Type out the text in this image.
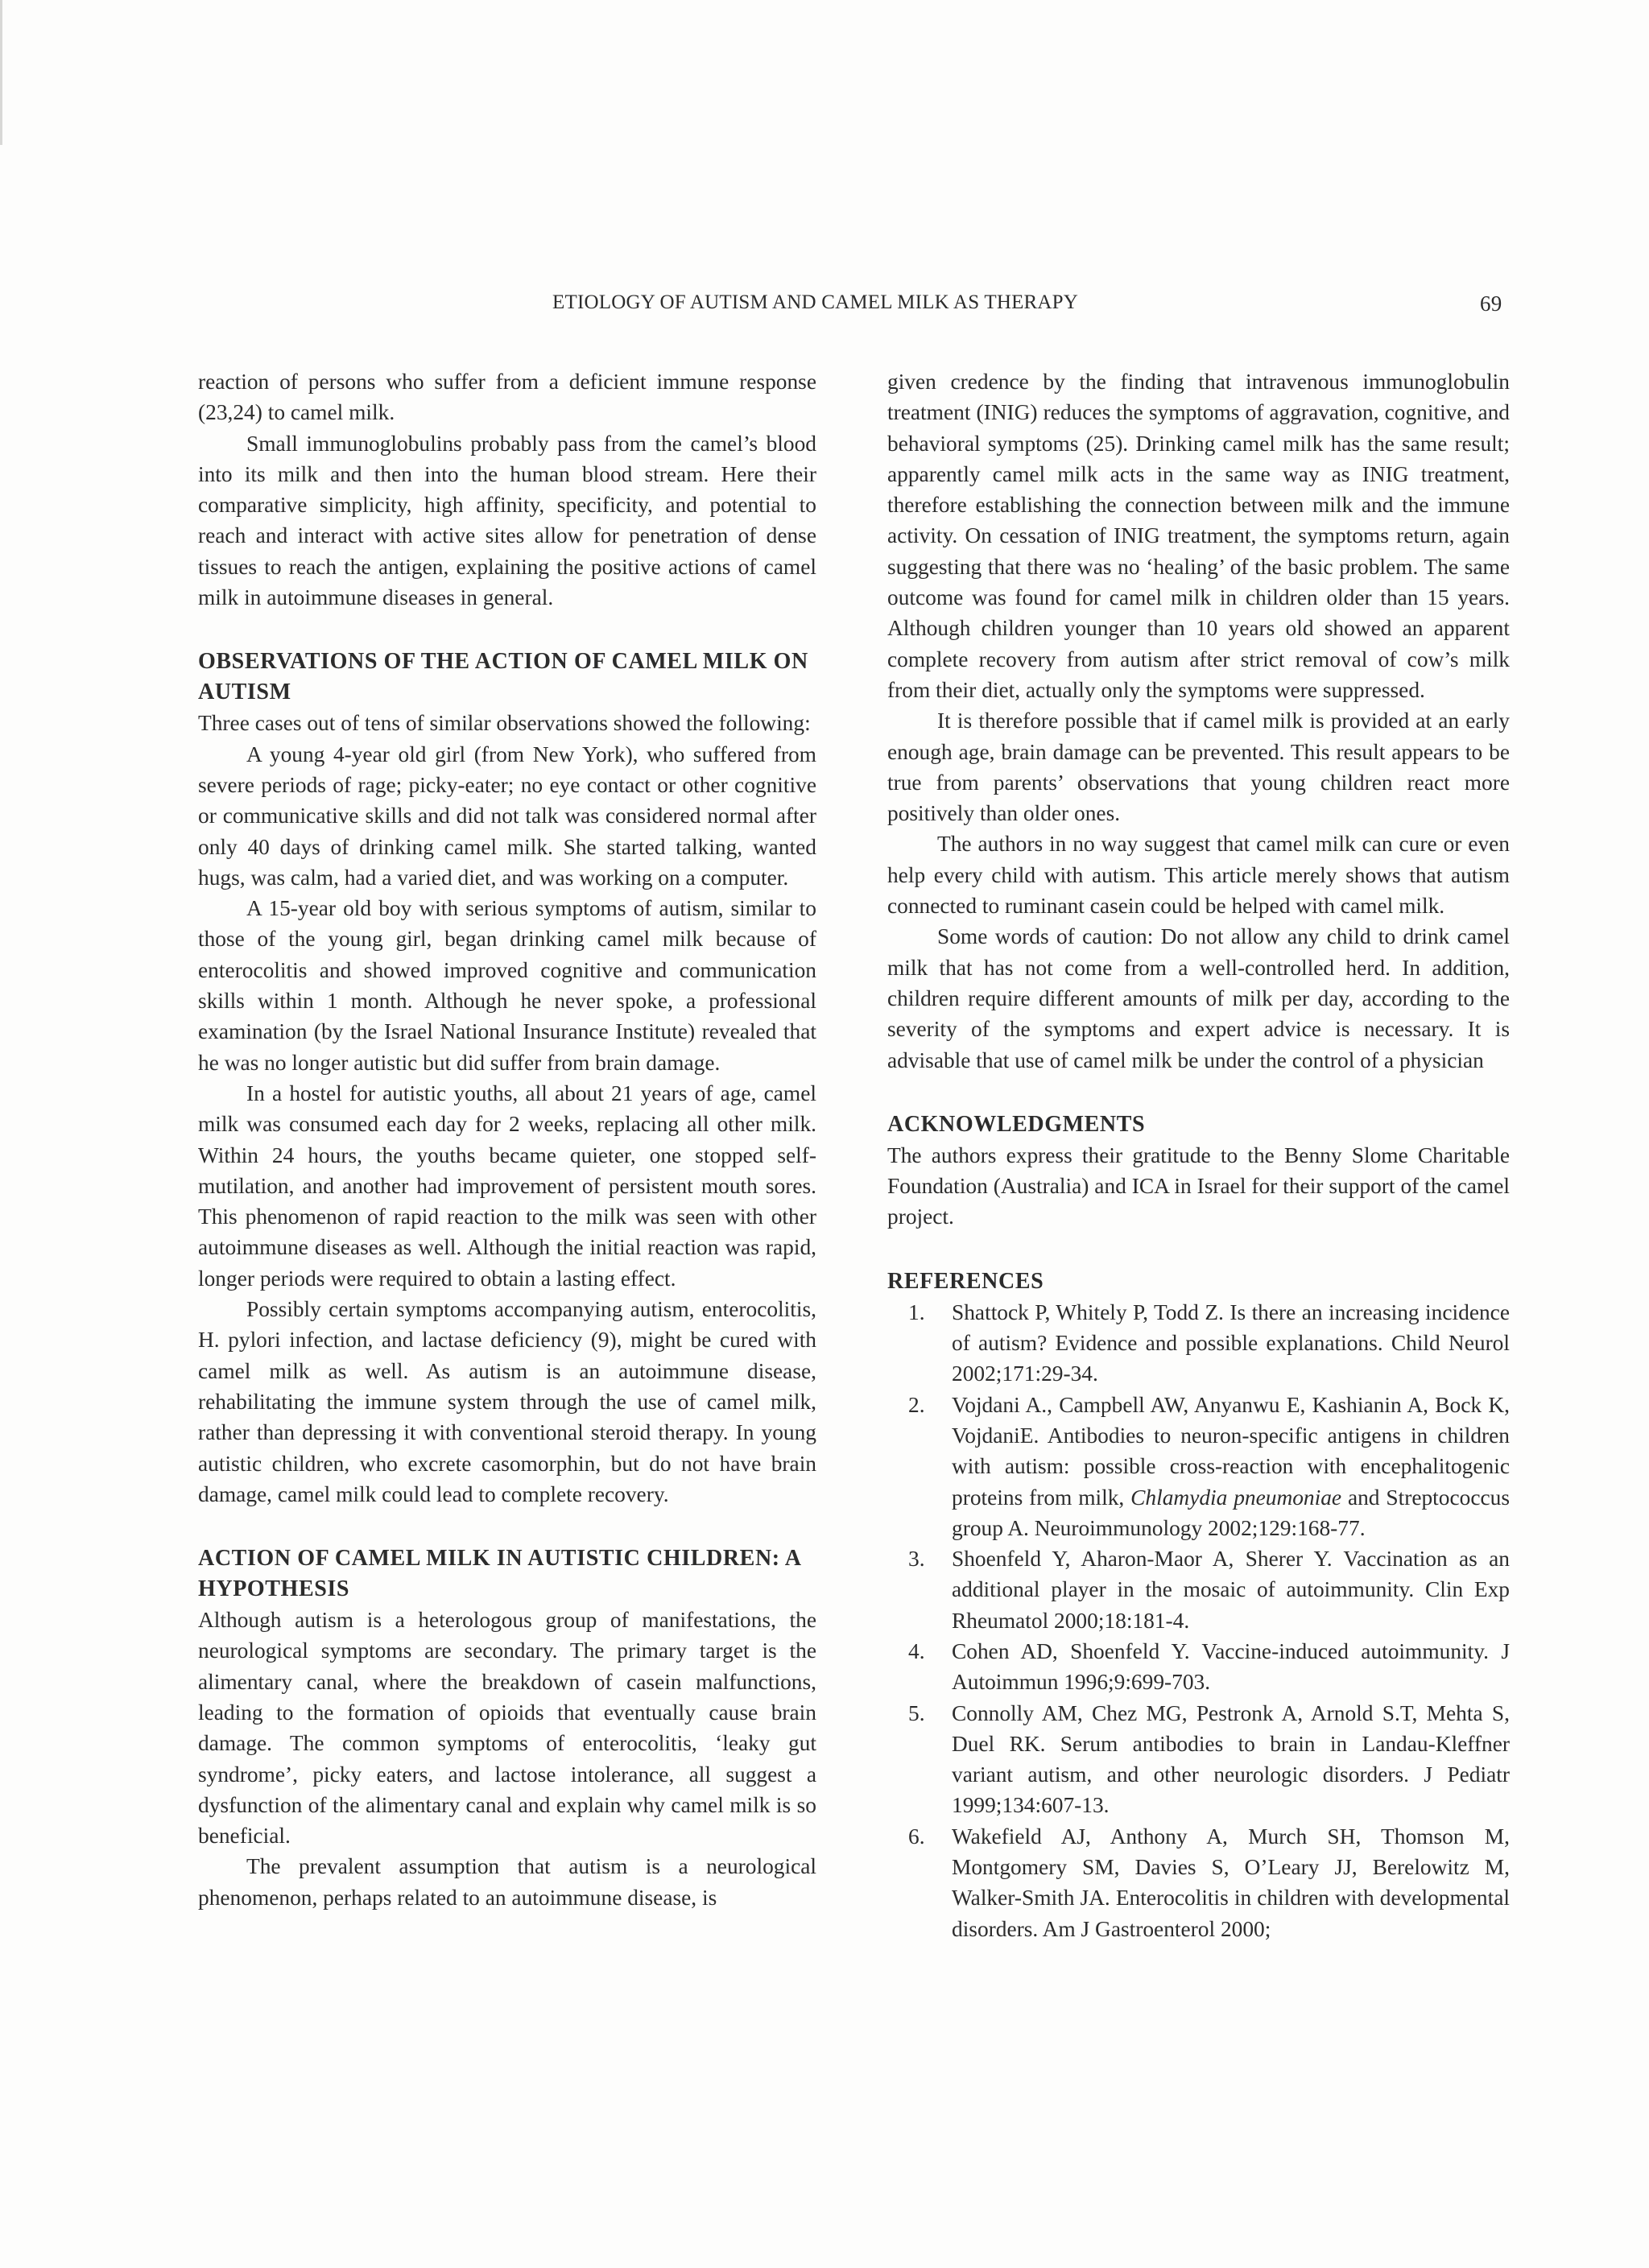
ETIOLOGY OF AUTISM AND CAMEL MILK AS THERAPY	69

reaction of persons who suffer from a deficient immune response (23,24) to camel milk.

Small immunoglobulins probably pass from the camel’s blood into its milk and then into the human blood stream. Here their comparative simplicity, high affinity, specificity, and potential to reach and interact with active sites allow for penetration of dense tissues to reach the antigen, explaining the positive actions of camel milk in autoimmune diseases in general.

OBSERVATIONS OF THE ACTION OF CAMEL MILK ON AUTISM

Three cases out of tens of similar observations showed the following:

A young 4-year old girl (from New York), who suffered from severe periods of rage; picky-eater; no eye contact or other cognitive or communicative skills and did not talk was considered normal after only 40 days of drinking camel milk. She started talking, wanted hugs, was calm, had a varied diet, and was working on a computer.

A 15-year old boy with serious symptoms of autism, similar to those of the young girl, began drinking camel milk because of enterocolitis and showed improved cognitive and communication skills within 1 month. Although he never spoke, a professional examination (by the Israel National Insurance Institute) revealed that he was no longer autistic but did suffer from brain damage.

In a hostel for autistic youths, all about 21 years of age, camel milk was consumed each day for 2 weeks, replacing all other milk. Within 24 hours, the youths became quieter, one stopped self-mutilation, and another had improvement of persistent mouth sores. This phenomenon of rapid reaction to the milk was seen with other autoimmune diseases as well. Although the initial reaction was rapid, longer periods were required to obtain a lasting effect.

Possibly certain symptoms accompanying autism, enterocolitis, H. pylori infection, and lactase deficiency (9), might be cured with camel milk as well. As autism is an autoimmune disease, rehabilitating the immune system through the use of camel milk, rather than depressing it with conventional steroid therapy. In young autistic children, who excrete casomorphin, but do not have brain damage, camel milk could lead to complete recovery.

ACTION OF CAMEL MILK IN AUTISTIC CHILDREN: A HYPOTHESIS

Although autism is a heterologous group of manifestations, the neurological symptoms are secondary. The primary target is the alimentary canal, where the breakdown of casein malfunctions, leading to the formation of opioids that eventually cause brain damage. The common symptoms of enterocolitis, ‘leaky gut syndrome’, picky eaters, and lactose intolerance, all suggest a dysfunction of the alimentary canal and explain why camel milk is so beneficial.

The prevalent assumption that autism is a neurological phenomenon, perhaps related to an autoimmune disease, is

given credence by the finding that intravenous immunoglobulin treatment (INIG) reduces the symptoms of aggravation, cognitive, and behavioral symptoms (25). Drinking camel milk has the same result; apparently camel milk acts in the same way as INIG treatment, therefore establishing the connection between milk and the immune activity. On cessation of INIG treatment, the symptoms return, again suggesting that there was no ‘healing’ of the basic problem. The same outcome was found for camel milk in children older than 15 years. Although children younger than 10 years old showed an apparent complete recovery from autism after strict removal of cow’s milk from their diet, actually only the symptoms were suppressed.

It is therefore possible that if camel milk is provided at an early enough age, brain damage can be prevented. This result appears to be true from parents’ observations that young children react more positively than older ones.

The authors in no way suggest that camel milk can cure or even help every child with autism. This article merely shows that autism connected to ruminant casein could be helped with camel milk.

Some words of caution: Do not allow any child to drink camel milk that has not come from a well-controlled herd. In addition, children require different amounts of milk per day, according to the severity of the symptoms and expert advice is necessary. It is advisable that use of camel milk be under the control of a physician

ACKNOWLEDGMENTS

The authors express their gratitude to the Benny Slome Charitable Foundation (Australia) and ICA in Israel for their support of the camel project.

REFERENCES
1.	Shattock P, Whitely P, Todd Z. Is there an increasing incidence of autism? Evidence and possible explanations. Child Neurol 2002;171:29-34.
2.	Vojdani A., Campbell AW, Anyanwu E, Kashianin A, Bock K, VojdaniE. Antibodies to neuron-specific antigens in children with autism: possible cross-reaction with encephalitogenic proteins from milk, Chlamydia pneumoniae and Streptococcus group A. Neuroimmunology 2002;129:168-77.
3.	Shoenfeld Y, Aharon-Maor A, Sherer Y. Vaccination as an additional player in the mosaic of autoimmunity. Clin Exp Rheumatol 2000;18:181-4.
4.	Cohen AD, Shoenfeld Y. Vaccine-induced autoimmunity. J Autoimmun 1996;9:699-703.
5.	Connolly AM, Chez MG, Pestronk A, Arnold S.T, Mehta S, Duel RK. Serum antibodies to brain in Landau-Kleffner variant autism, and other neurologic disorders. J Pediatr 1999;134:607-13.
6.	Wakefield AJ, Anthony A, Murch SH, Thomson M, Montgomery SM, Davies S, O’Leary JJ, Berelowitz M, Walker-Smith JA. Enterocolitis in children with developmental disorders. Am J Gastroenterol 2000;
